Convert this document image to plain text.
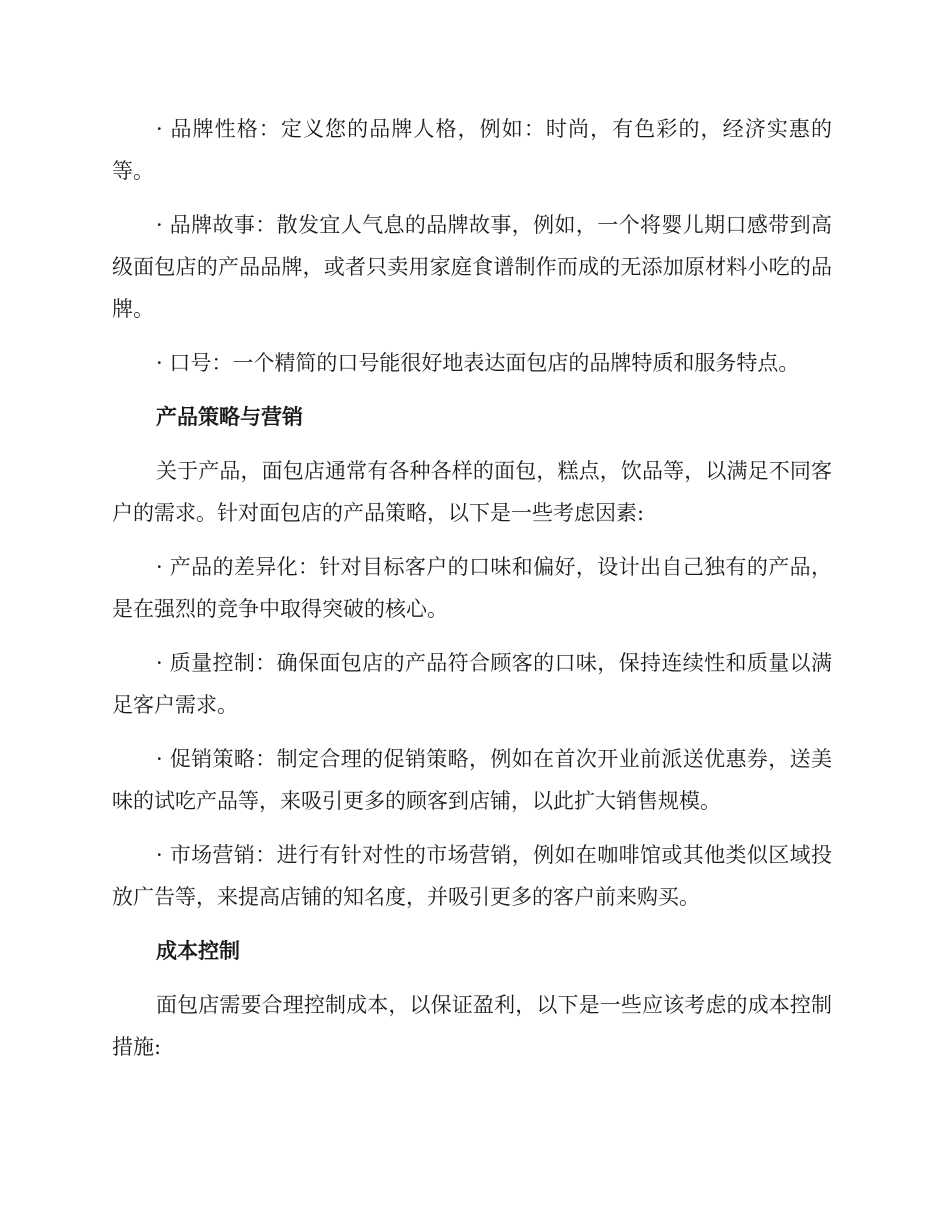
· 品牌性格：定义您的品牌人格，例如：时尚，有色彩的，经济实惠的等。

· 品牌故事：散发宜人气息的品牌故事，例如，一个将婴儿期口感带到高级面包店的产品品牌，或者只卖用家庭食谱制作而成的无添加原材料小吃的品牌。

· 口号：一个精简的口号能很好地表达面包店的品牌特质和服务特点。

产品策略与营销

关于产品，面包店通常有各种各样的面包，糕点，饮品等，以满足不同客户的需求。针对面包店的产品策略，以下是一些考虑因素:

· 产品的差异化：针对目标客户的口味和偏好，设计出自己独有的产品，是在强烈的竞争中取得突破的核心。

· 质量控制：确保面包店的产品符合顾客的口味，保持连续性和质量以满足客户需求。

· 促销策略：制定合理的促销策略，例如在首次开业前派送优惠券，送美味的试吃产品等，来吸引更多的顾客到店铺，以此扩大销售规模。

· 市场营销：进行有针对性的市场营销，例如在咖啡馆或其他类似区域投放广告等，来提高店铺的知名度，并吸引更多的客户前来购买。

成本控制

面包店需要合理控制成本，以保证盈利，以下是一些应该考虑的成本控制措施:
